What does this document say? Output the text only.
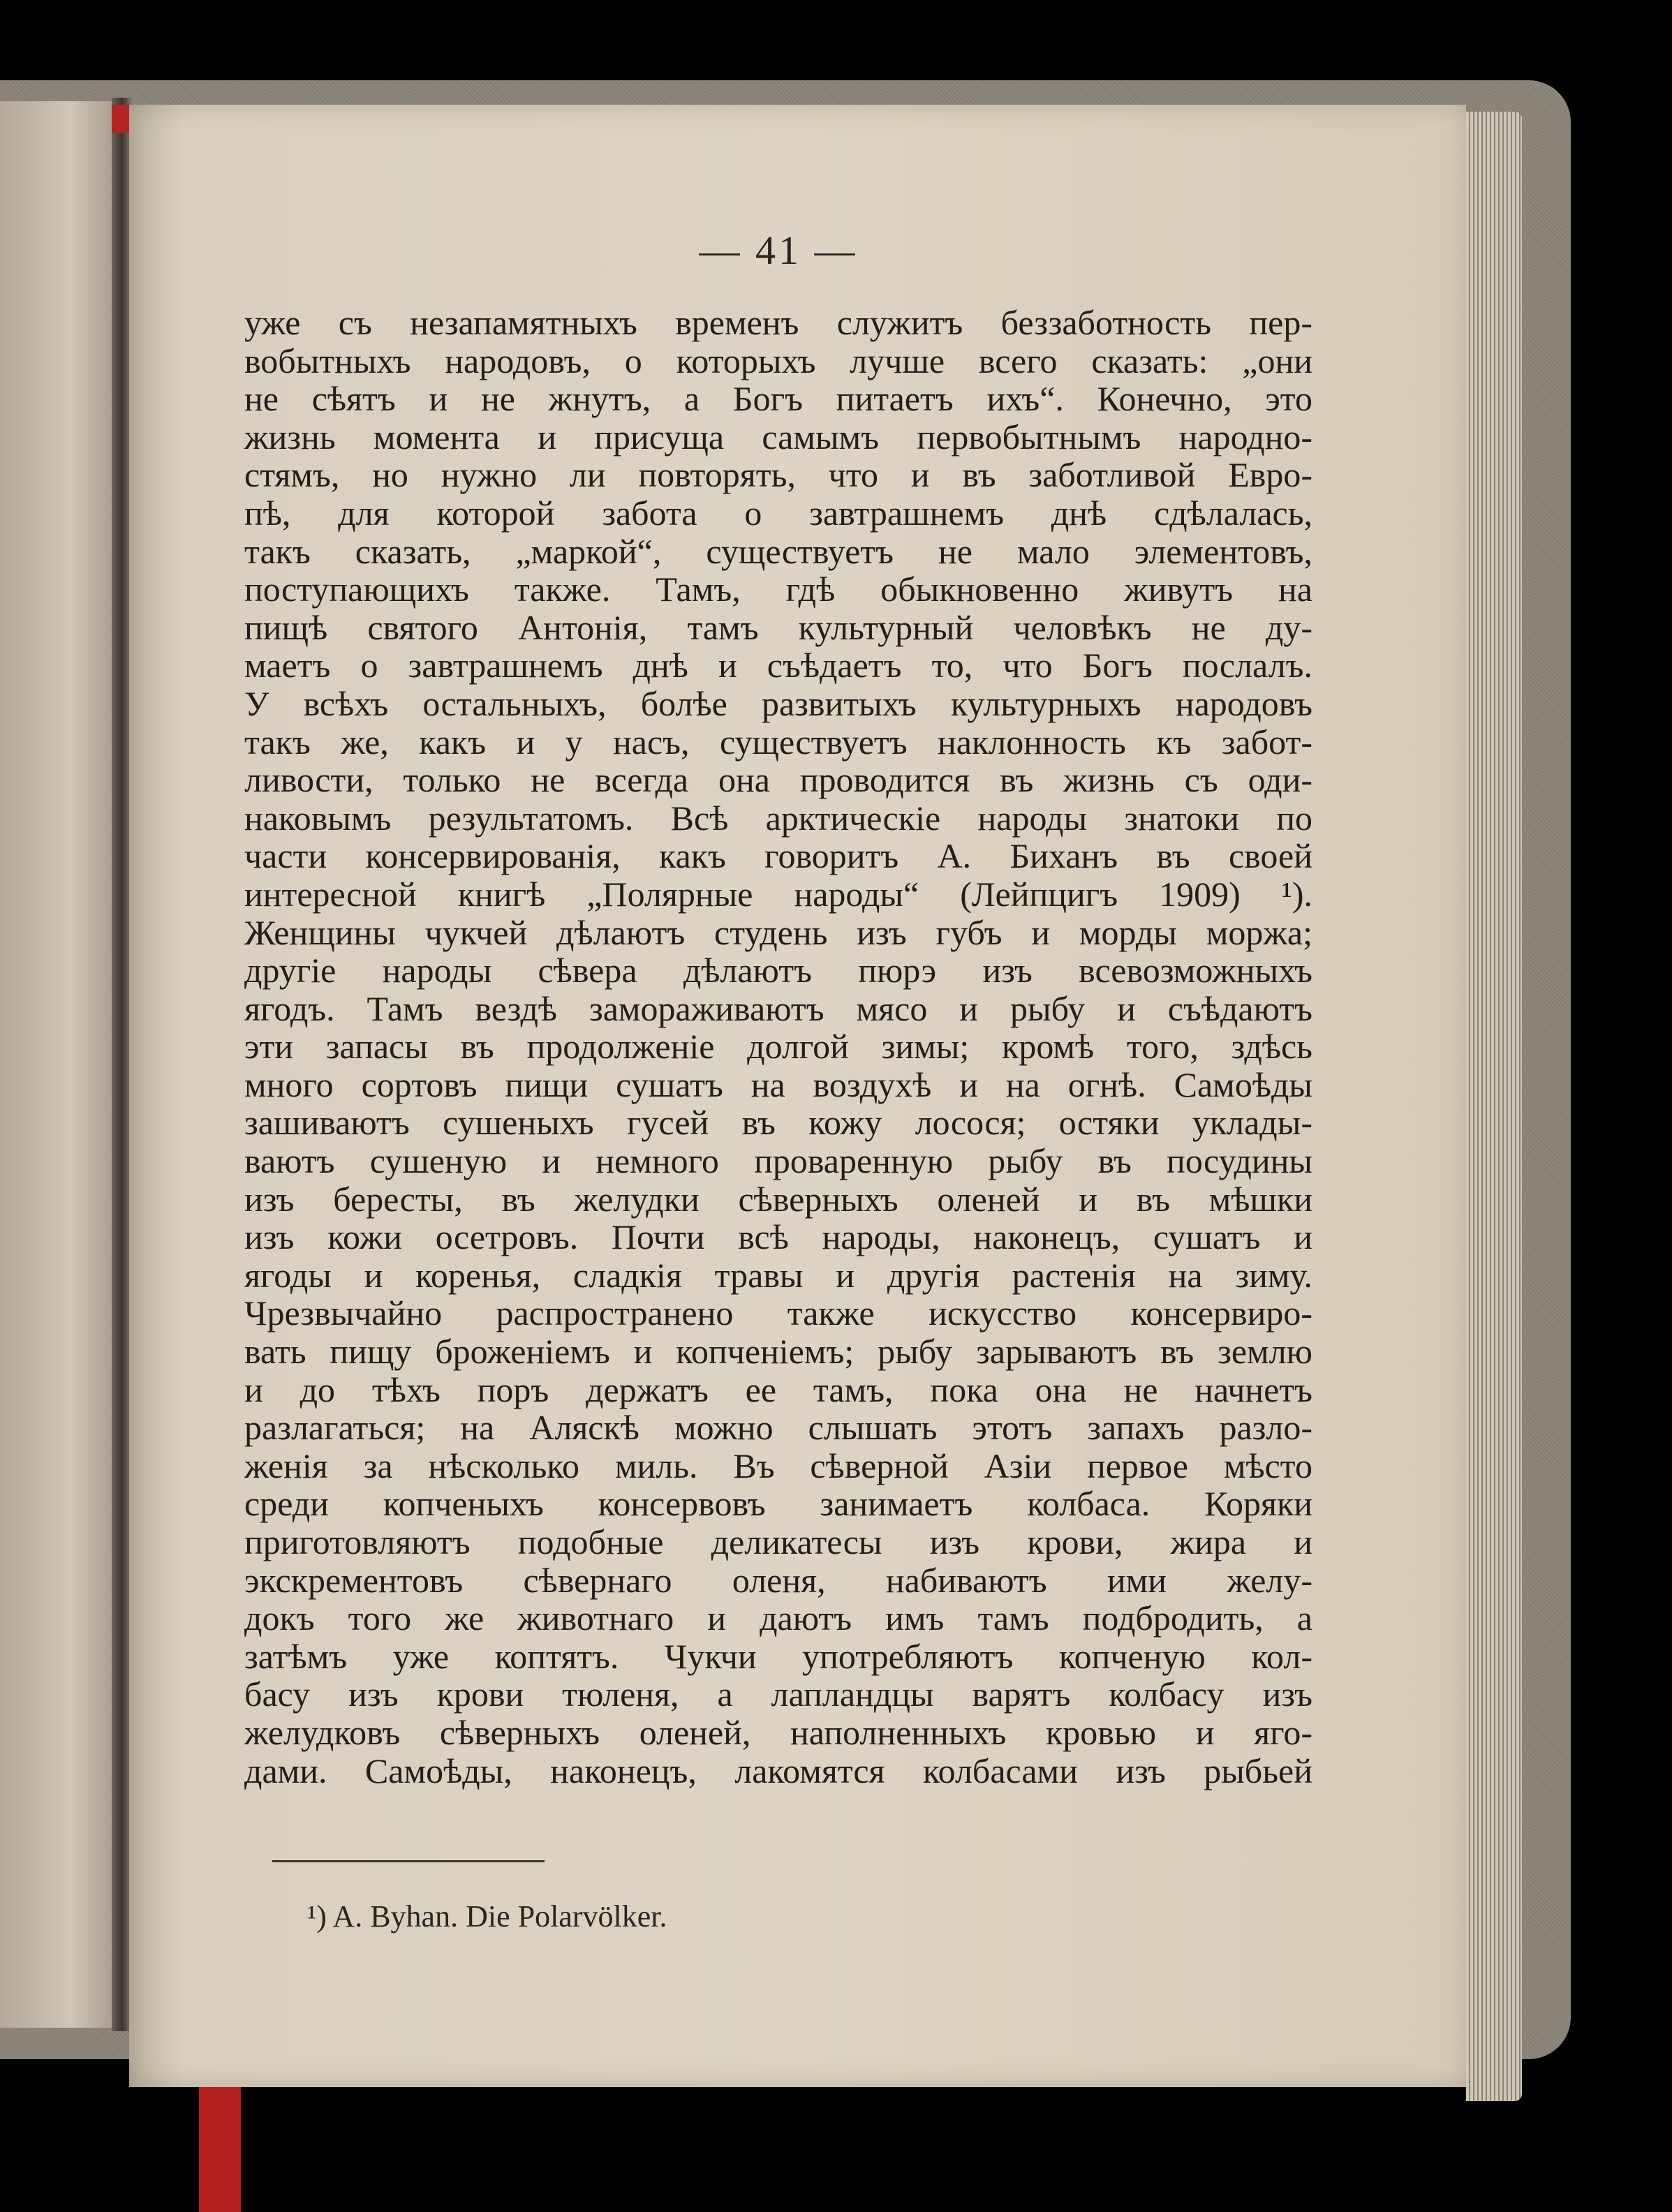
— 41 —
уже съ незапамятныхъ временъ служитъ беззаботность пер-
вобытныхъ народовъ, о которыхъ лучше всего сказать: „они
не сѣятъ и не жнутъ, а Богъ питаетъ ихъ“. Конечно, это
жизнь момента и присуща самымъ первобытнымъ народно-
стямъ, но нужно ли повторять, что и въ заботливой Евро-
пѣ, для которой забота о завтрашнемъ днѣ сдѣлалась,
такъ сказать, „маркой“, существуетъ не мало элементовъ,
поступающихъ также. Тамъ, гдѣ обыкновенно живутъ на
пищѣ святого Антонія, тамъ культурный человѣкъ не ду-
маетъ о завтрашнемъ днѣ и съѣдаетъ то, что Богъ послалъ.
У всѣхъ остальныхъ, болѣе развитыхъ культурныхъ народовъ
такъ же, какъ и у насъ, существуетъ наклонность къ забот-
ливости, только не всегда она проводится въ жизнь съ оди-
наковымъ результатомъ. Всѣ арктическіе народы знатоки по
части консервированія, какъ говоритъ А. Биханъ въ своей
интересной книгѣ „Полярные народы“ (Лейпцигъ 1909) ¹).
Женщины чукчей дѣлаютъ студень изъ губъ и морды моржа;
другіе народы сѣвера дѣлаютъ пюрэ изъ всевозможныхъ
ягодъ. Тамъ вездѣ замораживаютъ мясо и рыбу и съѣдаютъ
эти запасы въ продолженіе долгой зимы; кромѣ того, здѣсь
много сортовъ пищи сушатъ на воздухѣ и на огнѣ. Самоѣды
зашиваютъ сушеныхъ гусей въ кожу лосося; остяки уклады-
ваютъ сушеную и немного проваренную рыбу въ посудины
изъ бересты, въ желудки сѣверныхъ оленей и въ мѣшки
изъ кожи осетровъ. Почти всѣ народы, наконецъ, сушатъ и
ягоды и коренья, сладкія травы и другія растенія на зиму.
Чрезвычайно распространено также искусство консервиро-
вать пищу броженіемъ и копченіемъ; рыбу зарываютъ въ землю
и до тѣхъ поръ держатъ ее тамъ, пока она не начнетъ
разлагаться; на Аляскѣ можно слышать этотъ запахъ разло-
женія за нѣсколько миль. Въ сѣверной Азіи первое мѣсто
среди копченыхъ консервовъ занимаетъ колбаса. Коряки
приготовляютъ подобные деликатесы изъ крови, жира и
экскрементовъ сѣвернаго оленя, набиваютъ ими желу-
докъ того же животнаго и даютъ имъ тамъ подбродить, а
затѣмъ уже коптятъ. Чукчи употребляютъ копченую кол-
басу изъ крови тюленя, а лапландцы варятъ колбасу изъ
желудковъ сѣверныхъ оленей, наполненныхъ кровью и яго-
дами. Самоѣды, наконецъ, лакомятся колбасами изъ рыбьей
¹) A. Byhan. Die Polarvölker.
